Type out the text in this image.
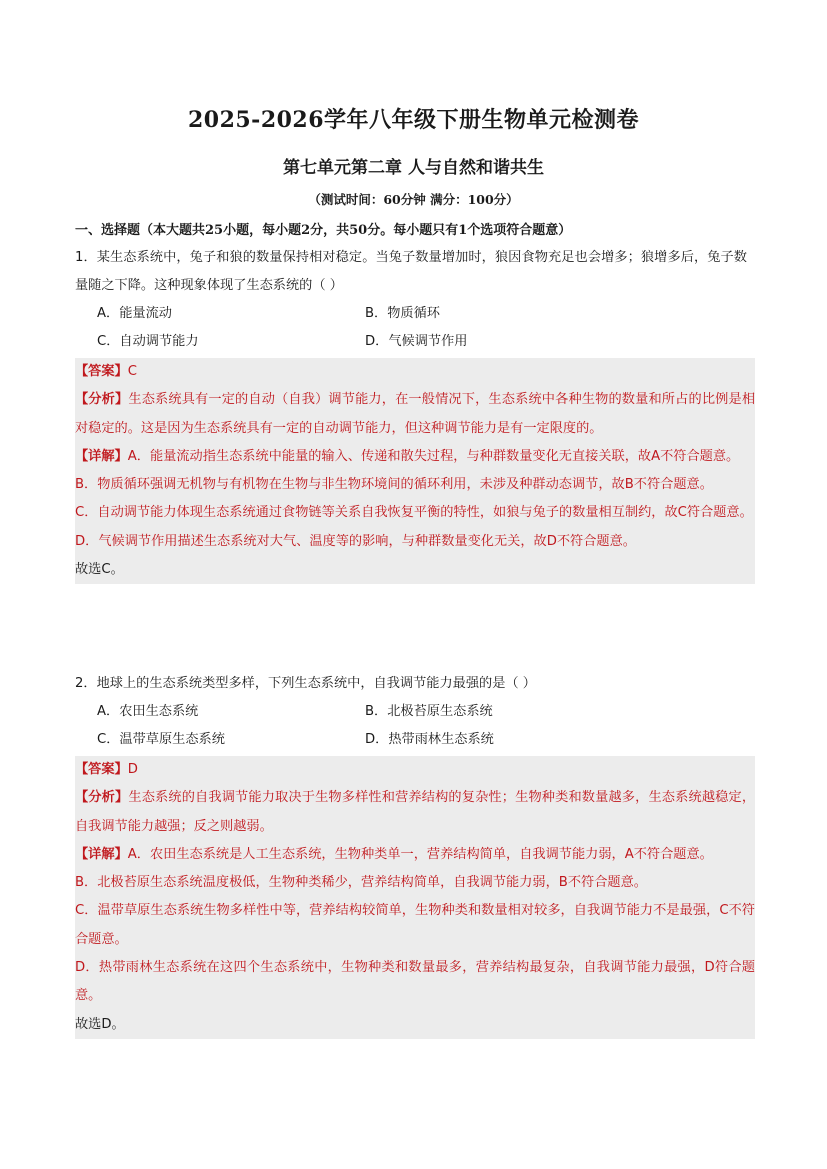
2025-2026学年八年级下册生物单元检测卷
第七单元第二章 人与自然和谐共生
（测试时间：60分钟 满分：100分）
一、选择题（本大题共25小题，每小题2分，共50分。每小题只有1个选项符合题意）
1．某生态系统中，兔子和狼的数量保持相对稳定。当兔子数量增加时，狼因食物充足也会增多；狼增多后，兔子数量随之下降。这种现象体现了生态系统的（ ）
A．能量流动	B．物质循环
C．自动调节能力	D．气候调节作用
【答案】C
【分析】生态系统具有一定的自动（自我）调节能力，在一般情况下，生态系统中各种生物的数量和所占的比例是相对稳定的。这是因为生态系统具有一定的自动调节能力，但这种调节能力是有一定限度的。
【详解】A．能量流动指生态系统中能量的输入、传递和散失过程，与种群数量变化无直接关联，故A不符合题意。
B．物质循环强调无机物与有机物在生物与非生物环境间的循环利用，未涉及种群动态调节，故B不符合题意。
C．自动调节能力体现生态系统通过食物链等关系自我恢复平衡的特性，如狼与兔子的数量相互制约，故C符合题意。
D．气候调节作用描述生态系统对大气、温度等的影响，与种群数量变化无关，故D不符合题意。
故选C。
2．地球上的生态系统类型多样，下列生态系统中，自我调节能力最强的是（ ）
A．农田生态系统	B．北极苔原生态系统
C．温带草原生态系统	D．热带雨林生态系统
【答案】D
【分析】生态系统的自我调节能力取决于生物多样性和营养结构的复杂性；生物种类和数量越多，生态系统越稳定，自我调节能力越强；反之则越弱。
【详解】A．农田生态系统是人工生态系统，生物种类单一，营养结构简单，自我调节能力弱，A不符合题意。
B．北极苔原生态系统温度极低，生物种类稀少，营养结构简单，自我调节能力弱，B不符合题意。
C．温带草原生态系统生物多样性中等，营养结构较简单，生物种类和数量相对较多，自我调节能力不是最强，C不符合题意。
D．热带雨林生态系统在这四个生态系统中，生物种类和数量最多，营养结构最复杂，自我调节能力最强，D符合题意。
故选D。
